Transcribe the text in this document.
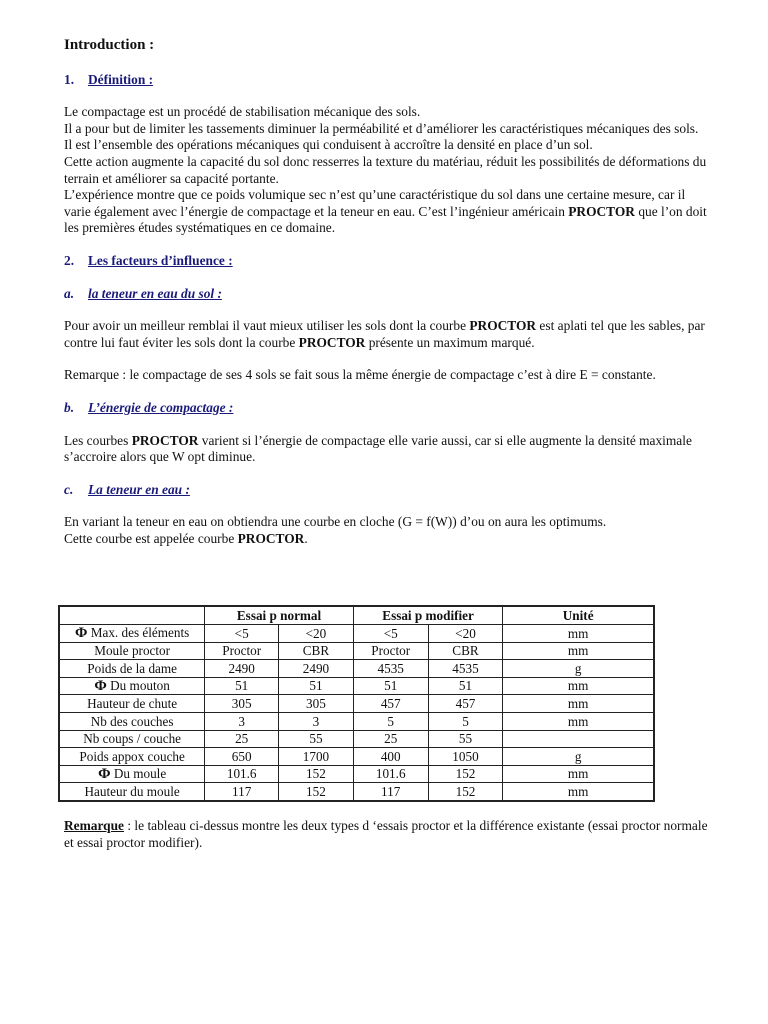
Introduction :

1. Définition :

Le compactage est un procédé de stabilisation mécanique des sols.

Il a pour but de limiter les tassements diminuer la perméabilité et d’améliorer les caractéristiques mécaniques des sols.

Il est l’ensemble des opérations mécaniques qui conduisent à accroître la densité en place d’un sol.

Cette action augmente la capacité du sol donc resserres la texture du matériau, réduit les possibilités de déformations du terrain et améliorer sa capacité portante.

L’expérience montre que ce poids volumique sec n’est qu’une caractéristique du sol dans une certaine mesure, car il varie également avec l’énergie de compactage et la teneur en eau. C’est l’ingénieur américain PROCTOR que l’on doit les premières études systématiques en ce domaine.

2. Les facteurs d’influence :

a. la teneur en eau du sol :

Pour avoir un meilleur remblai il vaut mieux utiliser les sols dont la courbe PROCTOR est aplati tel que les sables, par contre lui faut éviter les sols dont la courbe PROCTOR présente un maximum marqué.

Remarque : le compactage de ses 4 sols se fait sous la même énergie de compactage c’est à dire E = constante.

b. L’énergie de compactage :

Les courbes PROCTOR varient si l’énergie de compactage elle varie aussi, car si elle augmente la densité maximale s’accroire alors que W opt diminue.

c. La teneur en eau :

En variant la teneur en eau on obtiendra une courbe en cloche (G = f(W)) d’ou on aura les optimums.

Cette courbe est appelée courbe PROCTOR.

	Essai p normal		Essai p modifier		Unité
Φ Max. des éléments	<5	<20	<5	<20	mm
Moule proctor	Proctor	CBR	Proctor	CBR	mm
Poids de la dame	2490	2490	4535	4535	g
Φ Du mouton	51	51	51	51	mm
Hauteur de chute	305	305	457	457	mm
Nb des couches	3	3	5	5	mm
Nb coups / couche	25	55	25	55	
Poids appox couche	650	1700	400	1050	g
Φ Du moule	101.6	152	101.6	152	mm
Hauteur du moule	117	152	117	152	mm

Remarque : le tableau ci-dessus montre les deux types d ‘essais proctor et la différence existante (essai proctor normale et essai proctor modifier).
